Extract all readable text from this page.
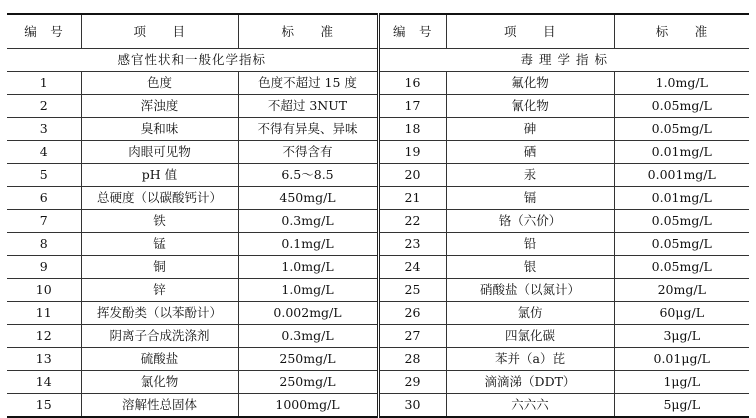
编　号	项　　目	标　　准	编　号	项　　目	标　　准
感官性状和一般化学指标			毒 理 学 指 标		
1	色度	色度不超过 15 度	16	氟化物	1.0mg/L
2	浑浊度	不超过 3NUT	17	氰化物	0.05mg/L
3	臭和味	不得有异臭、异味	18	砷	0.05mg/L
4	肉眼可见物	不得含有	19	硒	0.01mg/L
5	pH 值	6.5～8.5	20	汞	0.001mg/L
6	总硬度（以碳酸钙计）	450mg/L	21	镉	0.01mg/L
7	铁	0.3mg/L	22	铬（六价）	0.05mg/L
8	锰	0.1mg/L	23	铅	0.05mg/L
9	铜	1.0mg/L	24	银	0.05mg/L
10	锌	1.0mg/L	25	硝酸盐（以氮计）	20mg/L
11	挥发酚类（以苯酚计）	0.002mg/L	26	氯仿	60μg/L
12	阴离子合成洗涤剂	0.3mg/L	27	四氯化碳	3μg/L
13	硫酸盐	250mg/L	28	苯并（a）芘	0.01μg/L
14	氯化物	250mg/L	29	滴滴涕（DDT）	1μg/L
15	溶解性总固体	1000mg/L	30	六六六	5μg/L
